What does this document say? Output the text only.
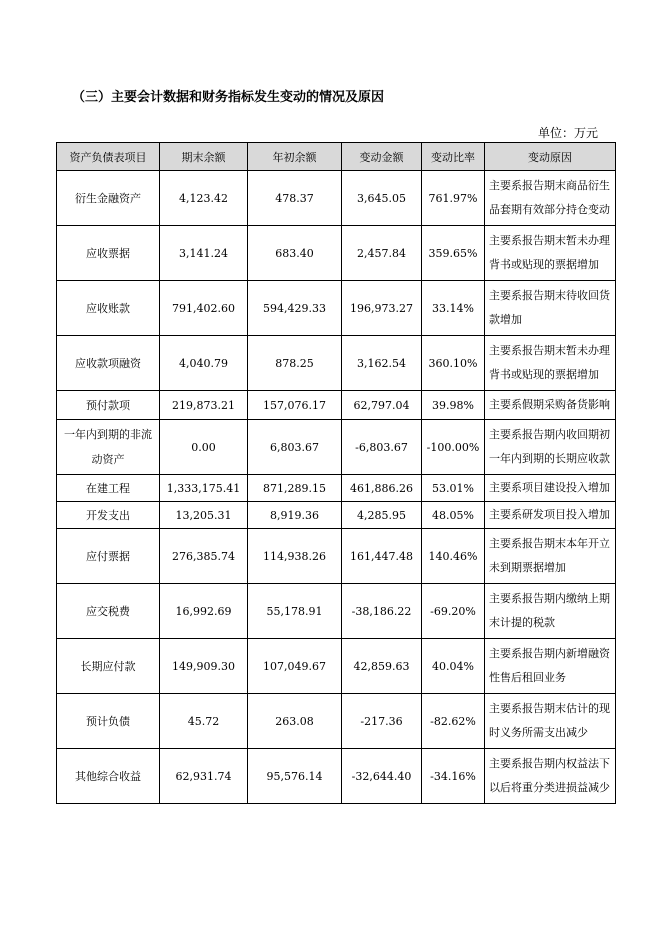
（三）主要会计数据和财务指标发生变动的情况及原因
单位：万元
资产负债表项目	期末余额	年初余额	变动金额	变动比率	变动原因
衍生金融资产	4,123.42	478.37	3,645.05	761.97%	主要系报告期末商品衍生品套期有效部分持仓变动
应收票据	3,141.24	683.40	2,457.84	359.65%	主要系报告期末暂未办理背书或贴现的票据增加
应收账款	791,402.60	594,429.33	196,973.27	33.14%	主要系报告期末待收回货款增加
应收款项融资	4,040.79	878.25	3,162.54	360.10%	主要系报告期末暂未办理背书或贴现的票据增加
预付款项	219,873.21	157,076.17	62,797.04	39.98%	主要系假期采购备货影响
一年内到期的非流动资产	0.00	6,803.67	-6,803.67	-100.00%	主要系报告期内收回期初一年内到期的长期应收款
在建工程	1,333,175.41	871,289.15	461,886.26	53.01%	主要系项目建设投入增加
开发支出	13,205.31	8,919.36	4,285.95	48.05%	主要系研发项目投入增加
应付票据	276,385.74	114,938.26	161,447.48	140.46%	主要系报告期末本年开立未到期票据增加
应交税费	16,992.69	55,178.91	-38,186.22	-69.20%	主要系报告期内缴纳上期末计提的税款
长期应付款	149,909.30	107,049.67	42,859.63	40.04%	主要系报告期内新增融资性售后租回业务
预计负债	45.72	263.08	-217.36	-82.62%	主要系报告期末估计的现时义务所需支出减少
其他综合收益	62,931.74	95,576.14	-32,644.40	-34.16%	主要系报告期内权益法下以后将重分类进损益减少
